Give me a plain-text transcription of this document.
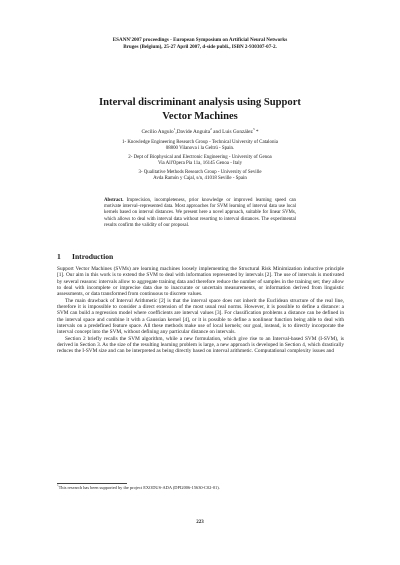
ESANN'2007 proceedings - European Symposium on Artificial Neural Networks
Bruges (Belgium), 25-27 April 2007, d-side publi., ISBN 2-930307-07-2.
Interval discriminant analysis using Support
Vector Machines
Cecilio Angulo$^1$,Davide Anguita$^2$ and Luis González$^3$ *
1- Knowledge Engineering Research Group - Technical University of Catalonia
08800 Vilanova i la Geltrú - Spain.
2- Dept of Biophysical and Electronic Engineering - University of Genoa
Via All'Opera Pia 11a, 16145 Genoa - Italy
3- Qualitative Methods Research Group - University of Seville
Avda Ramón y Cajal, s/n, 41018 Seville - Spain
Abstract. Imprecision, incompleteness, prior knowledge or improved learning speed can motivate interval–represented data. Most approaches for SVM learning of interval data use local kernels based on interval distances. We present here a novel approach, suitable for linear SVMs, which allows to deal with interval data without resorting to interval distances. The experimental results confirm the validity of our proposal.
1 Introduction

Support Vector Machines (SVMs) are learning machines loosely implementing the Structural Risk Minimization inductive principle [1]. Our aim in this work is to extend the SVM to deal with information represented by intervals [2]. The use of intervals is motivated by several reasons: intervals allow to aggregate training data and therefore reduce the number of samples in the training set; they allow to deal with incomplete or imprecise data due to inaccurate or uncertain measurements, or information derived from linguistic assessments, or data transformed from continuous to discrete values.

The main drawback of Interval Arithmetic [2] is that the interval space does not inherit the Euclidean structure of the real line, therefore it is impossible to consider a direct extension of the most usual real norms. However, it is possible to define a distance: a SVM can build a regression model where coefficients are interval values [3]. For classification problems a distance can be defined in the interval space and combine it with a Gaussian kernel [4], or it is possible to define a nonlinear function being able to deal with intervals on a predefined feature space. All these methods make use of local kernels; our goal, instead, is to directly incorporate the interval concept into the SVM, without defining any particular distance on intervals.

Section 2 briefly recalls the SVM algorithm, while a new formulation, which give rise to an Interval-based SVM (I-SVM), is derived in Section 3. As the size of the resulting learning problem is large, a new approach is developed in Section 4, which drastically reduces the I-SVM size and can be interpreted as being directly based on interval arithmetic. Computational complexity issues and

*This research has been supported by the project EXODUS-ADA (DPI2006-15630-C02-01).
223
